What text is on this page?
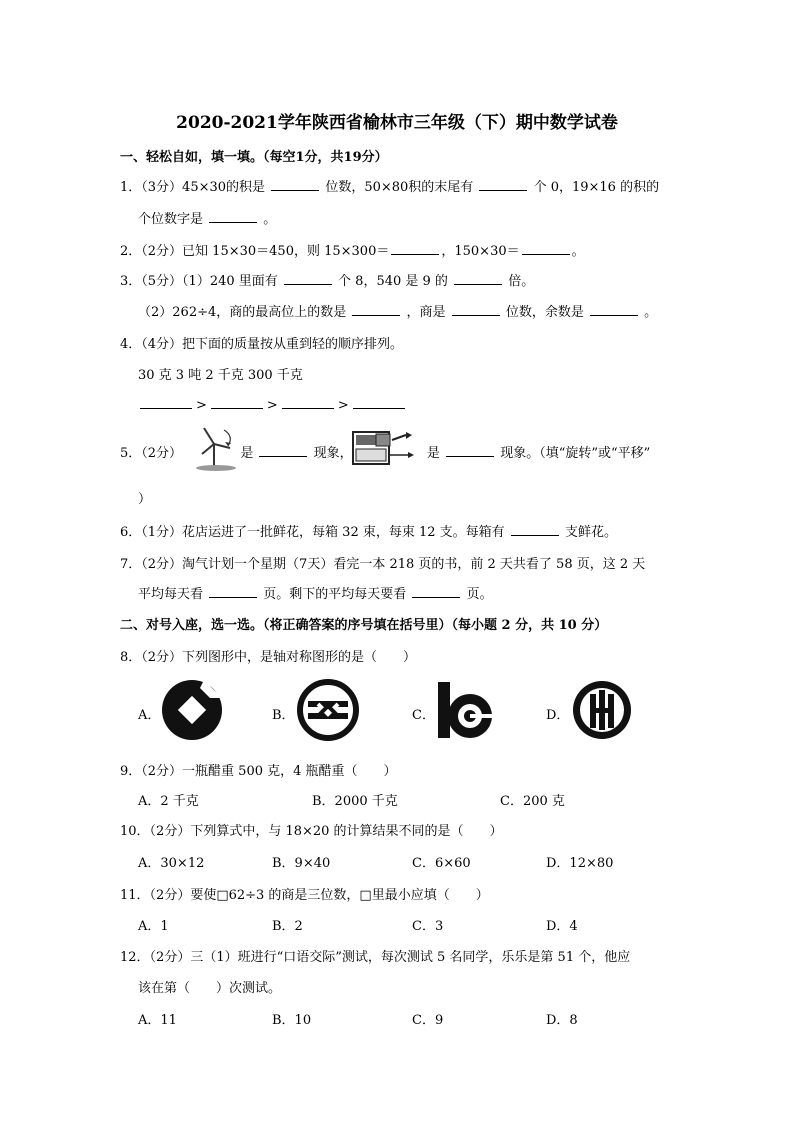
2020-2021学年陕西省榆林市三年级（下）期中数学试卷
一、轻松自如，填一填。（每空1分，共19分）
1．（3分）45×30的积是	位数，50×80积的末尾有	个 0，19×16 的积的
个位数字是	。
2．（2分）已知 15×30＝450，则 15×300＝	，150×30＝	。
3．（5分）（1）240 里面有	个 8，540 是 9 的	倍。
（2）262÷4，商的最高位上的数是	，商是	位数，余数是	。
4．（4分）把下面的质量按从重到轻的顺序排列。
30 克 3 吨 2 千克 300 千克
>	>	>
5．（2分）	是	现象，	是	现象。（填“旋转”或“平移”
）
6．（1分）花店运进了一批鲜花，每箱 32 束，每束 12 支。每箱有	支鲜花。
7．（2分）淘气计划一个星期（7天）看完一本 218 页的书，前 2 天共看了 58 页，这 2 天
平均每天看	页。剩下的平均每天要看	页。
二、对号入座，选一选。（将正确答案的序号填在括号里）（每小题 2 分，共 10 分）
8．（2分）下列图形中，是轴对称图形的是（　　）
A．	B．	C．	D．
9．（2分）一瓶醋重 500 克，4 瓶醋重（　　）
A．2 千克	B．2000 千克	C．200 克
10．（2分）下列算式中，与 18×20 的计算结果不同的是（　　）
A．30×12	B．9×40	C．6×60	D．12×80
11．（2分）要使□62÷3 的商是三位数，□里最小应填（　　）
A．1	B．2	C．3	D．4
12．（2分）三（1）班进行“口语交际”测试，每次测试 5 名同学，乐乐是第 51 个，他应
该在第（　　）次测试。
A．11	B．10	C．9	D．8
